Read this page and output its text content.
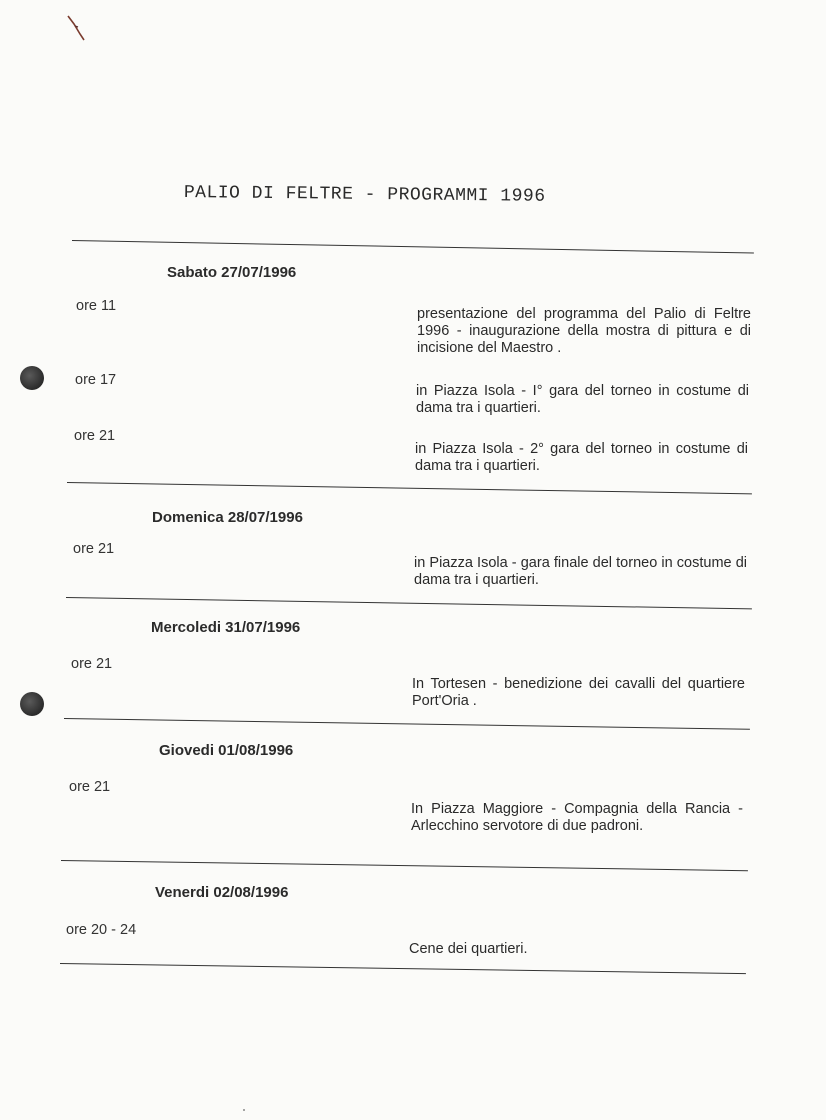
PALIO DI FELTRE - PROGRAMMI 1996
Sabato 27/07/1996
ore 11	presentazione del programma del Palio di Feltre 1996 - inaugurazione della mostra di pittura e di incisione del Maestro .
ore 17
in Piazza Isola - I° gara del torneo in costume di dama tra i quartieri.
ore 21
in Piazza Isola - 2° gara del torneo in costume di dama tra i quartieri.
Domenica 28/07/1996
ore 21
in Piazza Isola - gara finale del torneo in costume di dama tra i quartieri.
Mercoledi 31/07/1996
ore 21
In Tortesen - benedizione dei cavalli del quartiere Port'Oria .
Giovedi 01/08/1996
ore 21
In Piazza Maggiore - Compagnia della Rancia - Arlecchino servotore di due padroni.
Venerdi 02/08/1996
ore 20 - 24
Cene dei quartieri.
